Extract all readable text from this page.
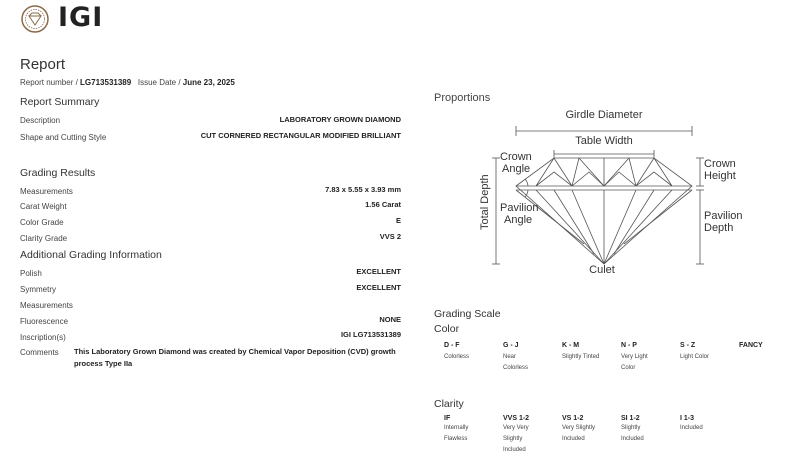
IGI
Report
Report number / LG713531389 Issue Date / June 23, 2025
Report Summary
Description	LABORATORY GROWN DIAMOND
Shape and Cutting Style	CUT CORNERED RECTANGULAR MODIFIED BRILLIANT
Grading Results
Measurements	7.83 x 5.55 x 3.93 mm
Carat Weight	1.56 Carat
Color Grade	E
Clarity Grade	VVS 2
Additional Grading Information
Polish	EXCELLENT
Symmetry	EXCELLENT
Measurements
Fluorescence	NONE
Inscription(s)	IGI LG713531389
Comments This Laboratory Grown Diamond was created by Chemical Vapor Deposition (CVD) growth process Type IIa
Proportions
Girdle Diameter
Table Width
Crown
Angle	Crown
Height
Total Depth Pavilion
Angle	Pavilion
Depth
Culet
Grading Scale
Color
D - F
Colorless
G - J
Near Colorless
K - M
Slightly Tinted
N - P
Very Light Color
S - Z
Light Color
FANCY
Clarity
IF
Internally Flawless
VVS 1-2
Very Very Slightly Included
VS 1-2
Very Slightly Included
SI 1-2
Slightly Included
I 1-3
Included
